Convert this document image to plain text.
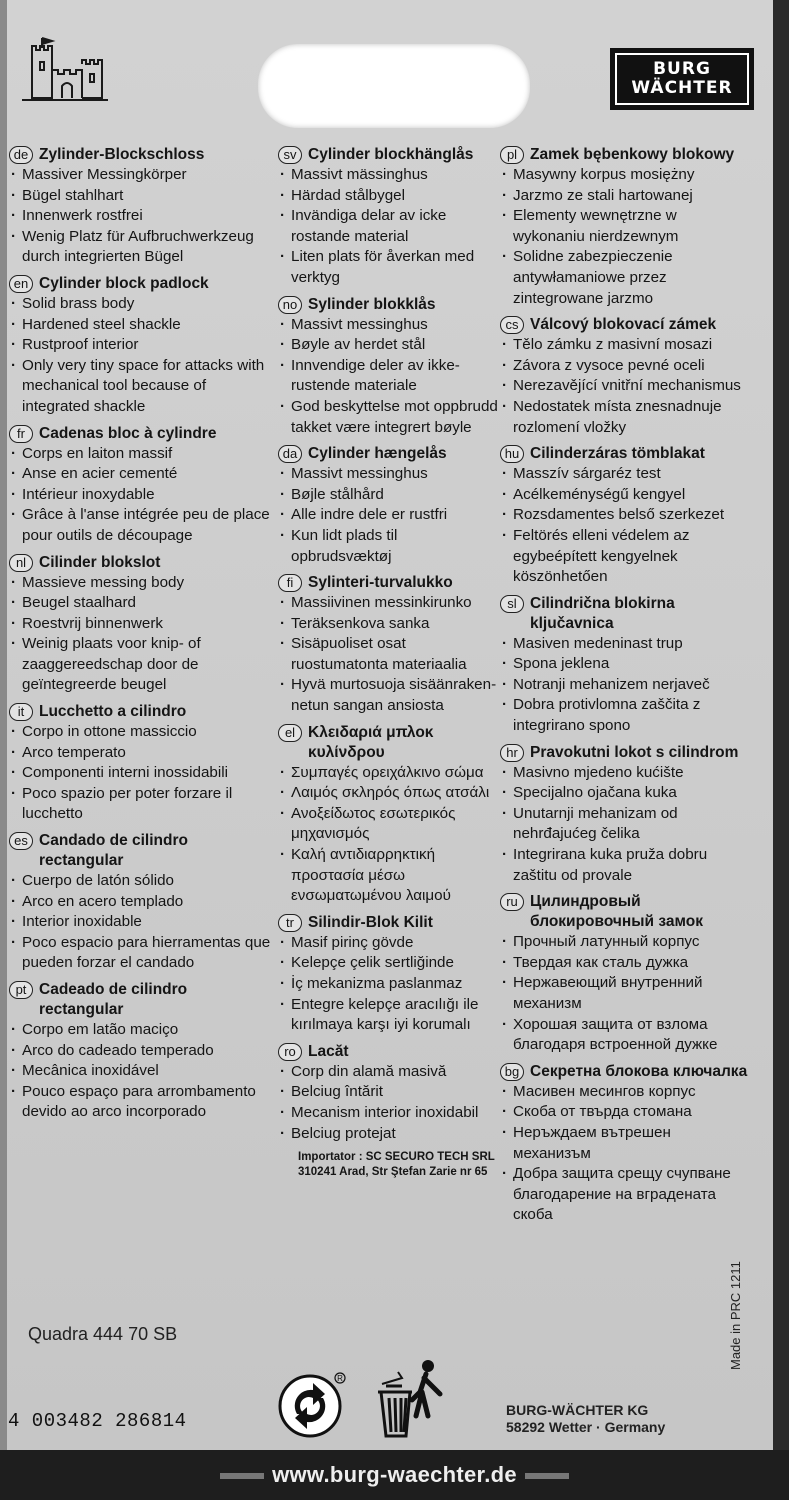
BURG
WÄCHTER
de Zylinder-Blockschloss
· Massiver Messingkörper
· Bügel stahlhart
· Innenwerk rostfrei
· Wenig Platz für Aufbruchwerkzeug durch integrierten Bügel
en Cylinder block padlock
· Solid brass body
· Hardened steel shackle
· Rustproof interior
· Only very tiny space for attacks with mechanical tool because of integrated shackle
fr Cadenas bloc à cylindre
· Corps en laiton massif
· Anse en acier cementé
· Intérieur inoxydable
· Grâce à l'anse intégrée peu de place pour outils de découpage
nl Cilinder blokslot
· Massieve messing body
· Beugel staalhard
· Roestvrij binnenwerk
· Weinig plaats voor knip- of zaaggereedschap door de geïntegreerde beugel
it Lucchetto a cilindro
· Corpo in ottone massiccio
· Arco temperato
· Componenti interni inossidabili
· Poco spazio per poter forzare il lucchetto
es Candado de cilindro rectangular
· Cuerpo de latón sólido
· Arco en acero templado
· Interior inoxidable
· Poco espacio para hierramentas que pueden forzar el candado
pt Cadeado de cilindro rectangular
· Corpo em latão maciço
· Arco do cadeado temperado
· Mecânica inoxidável
· Pouco espaço para arrombamento devido ao arco incorporado
sv Cylinder blockhänglås
· Massivt mässinghus
· Härdad stålbygel
· Invändiga delar av icke rostande material
· Liten plats för åverkan med verktyg
no Sylinder blokklås
· Massivt messinghus
· Bøyle av herdet stål
· Innvendige deler av ikke-rustende materiale
· God beskyttelse mot oppbrudd takket være integrert bøyle
da Cylinder hængelås
· Massivt messinghus
· Bøjle stålhård
· Alle indre dele er rustfri
· Kun lidt plads til opbrudsvæktøj
fi Sylinteri-turvalukko
· Massiivinen messinkirunko
· Teräksenkova sanka
· Sisäpuoliset osat ruostumatonta materiaalia
· Hyvä murtosuoja sisäänraken-netun sangan ansiosta
el Κλειδαριά μπλοκ κυλίνδρου
· Συμπαγές ορειχάλκινο σώμα
· Λαιμός σκληρός όπως ατσάλι
· Ανοξείδωτος εσωτερικός μηχανισμός
· Καλή αντιδιαρρηκτική προστασία μέσω ενσωματωμένου λαιμού
tr Silindir-Blok Kilit
· Masif pirinç gövde
· Kelepçe çelik sertliğinde
· İç mekanizma paslanmaz
· Entegre kelepçe aracılığı ile kırılmaya karşı iyi korumalı
ro Lacăt
· Corp din alamă masivă
· Belciug întărit
· Mecanism interior inoxidabil
· Belciug protejat
Importator : SC SECURO TECH SRL
310241 Arad, Str Ştefan Zarie nr 65
pl Zamek bębenkowy blokowy
· Masywny korpus mosiężny
· Jarzmo ze stali hartowanej
· Elementy wewnętrzne w wykonaniu nierdzewnym
· Solidne zabezpieczenie antywłamaniowe przez zintegrowane jarzmo
cs Válcový blokovací zámek
· Tělo zámku z masivní mosazi
· Závora z vysoce pevné oceli
· Nerezavějící vnitřní mechanismus
· Nedostatek místa znesnadnuje rozlomení vložky
hu Cilinderzáras tömblakat
· Masszív sárgaréz test
· Acélkeménységű kengyel
· Rozsdamentes belső szerkezet
· Feltörés elleni védelem az egybeépített kengyelnek köszönhetően
sl Cilindrična blokirna ključavnica
· Masiven medeninast trup
· Spona jeklena
· Notranji mehanizem nerjaveč
· Dobra protivlomna zaščita z integrirano spono
hr Pravokutni lokot s cilindrom
· Masivno mjedeno kućište
· Specijalno ojačana kuka
· Unutarnji mehanizam od nehrđajućeg čelika
· Integrirana kuka pruža dobru zaštitu od provale
ru Цилиндровый блокировочный замок
· Прочный латунный корпус
· Твердая как сталь дужка
· Нержавеющий внутренний механизм
· Хорошая защита от взлома благодаря встроенной дужке
bg Секретна блокова ключалка
· Масивен месингов корпус
· Скоба от твърда стомана
· Неръждаем вътрешен механизъм
· Добра защита срещу счупване благодарение на вградената скоба
Quadra 444 70 SB	Made in PRC 1211
4 003482 286814
R
BURG-WÄCHTER KG
58292 Wetter · Germany
www.burg-waechter.de
